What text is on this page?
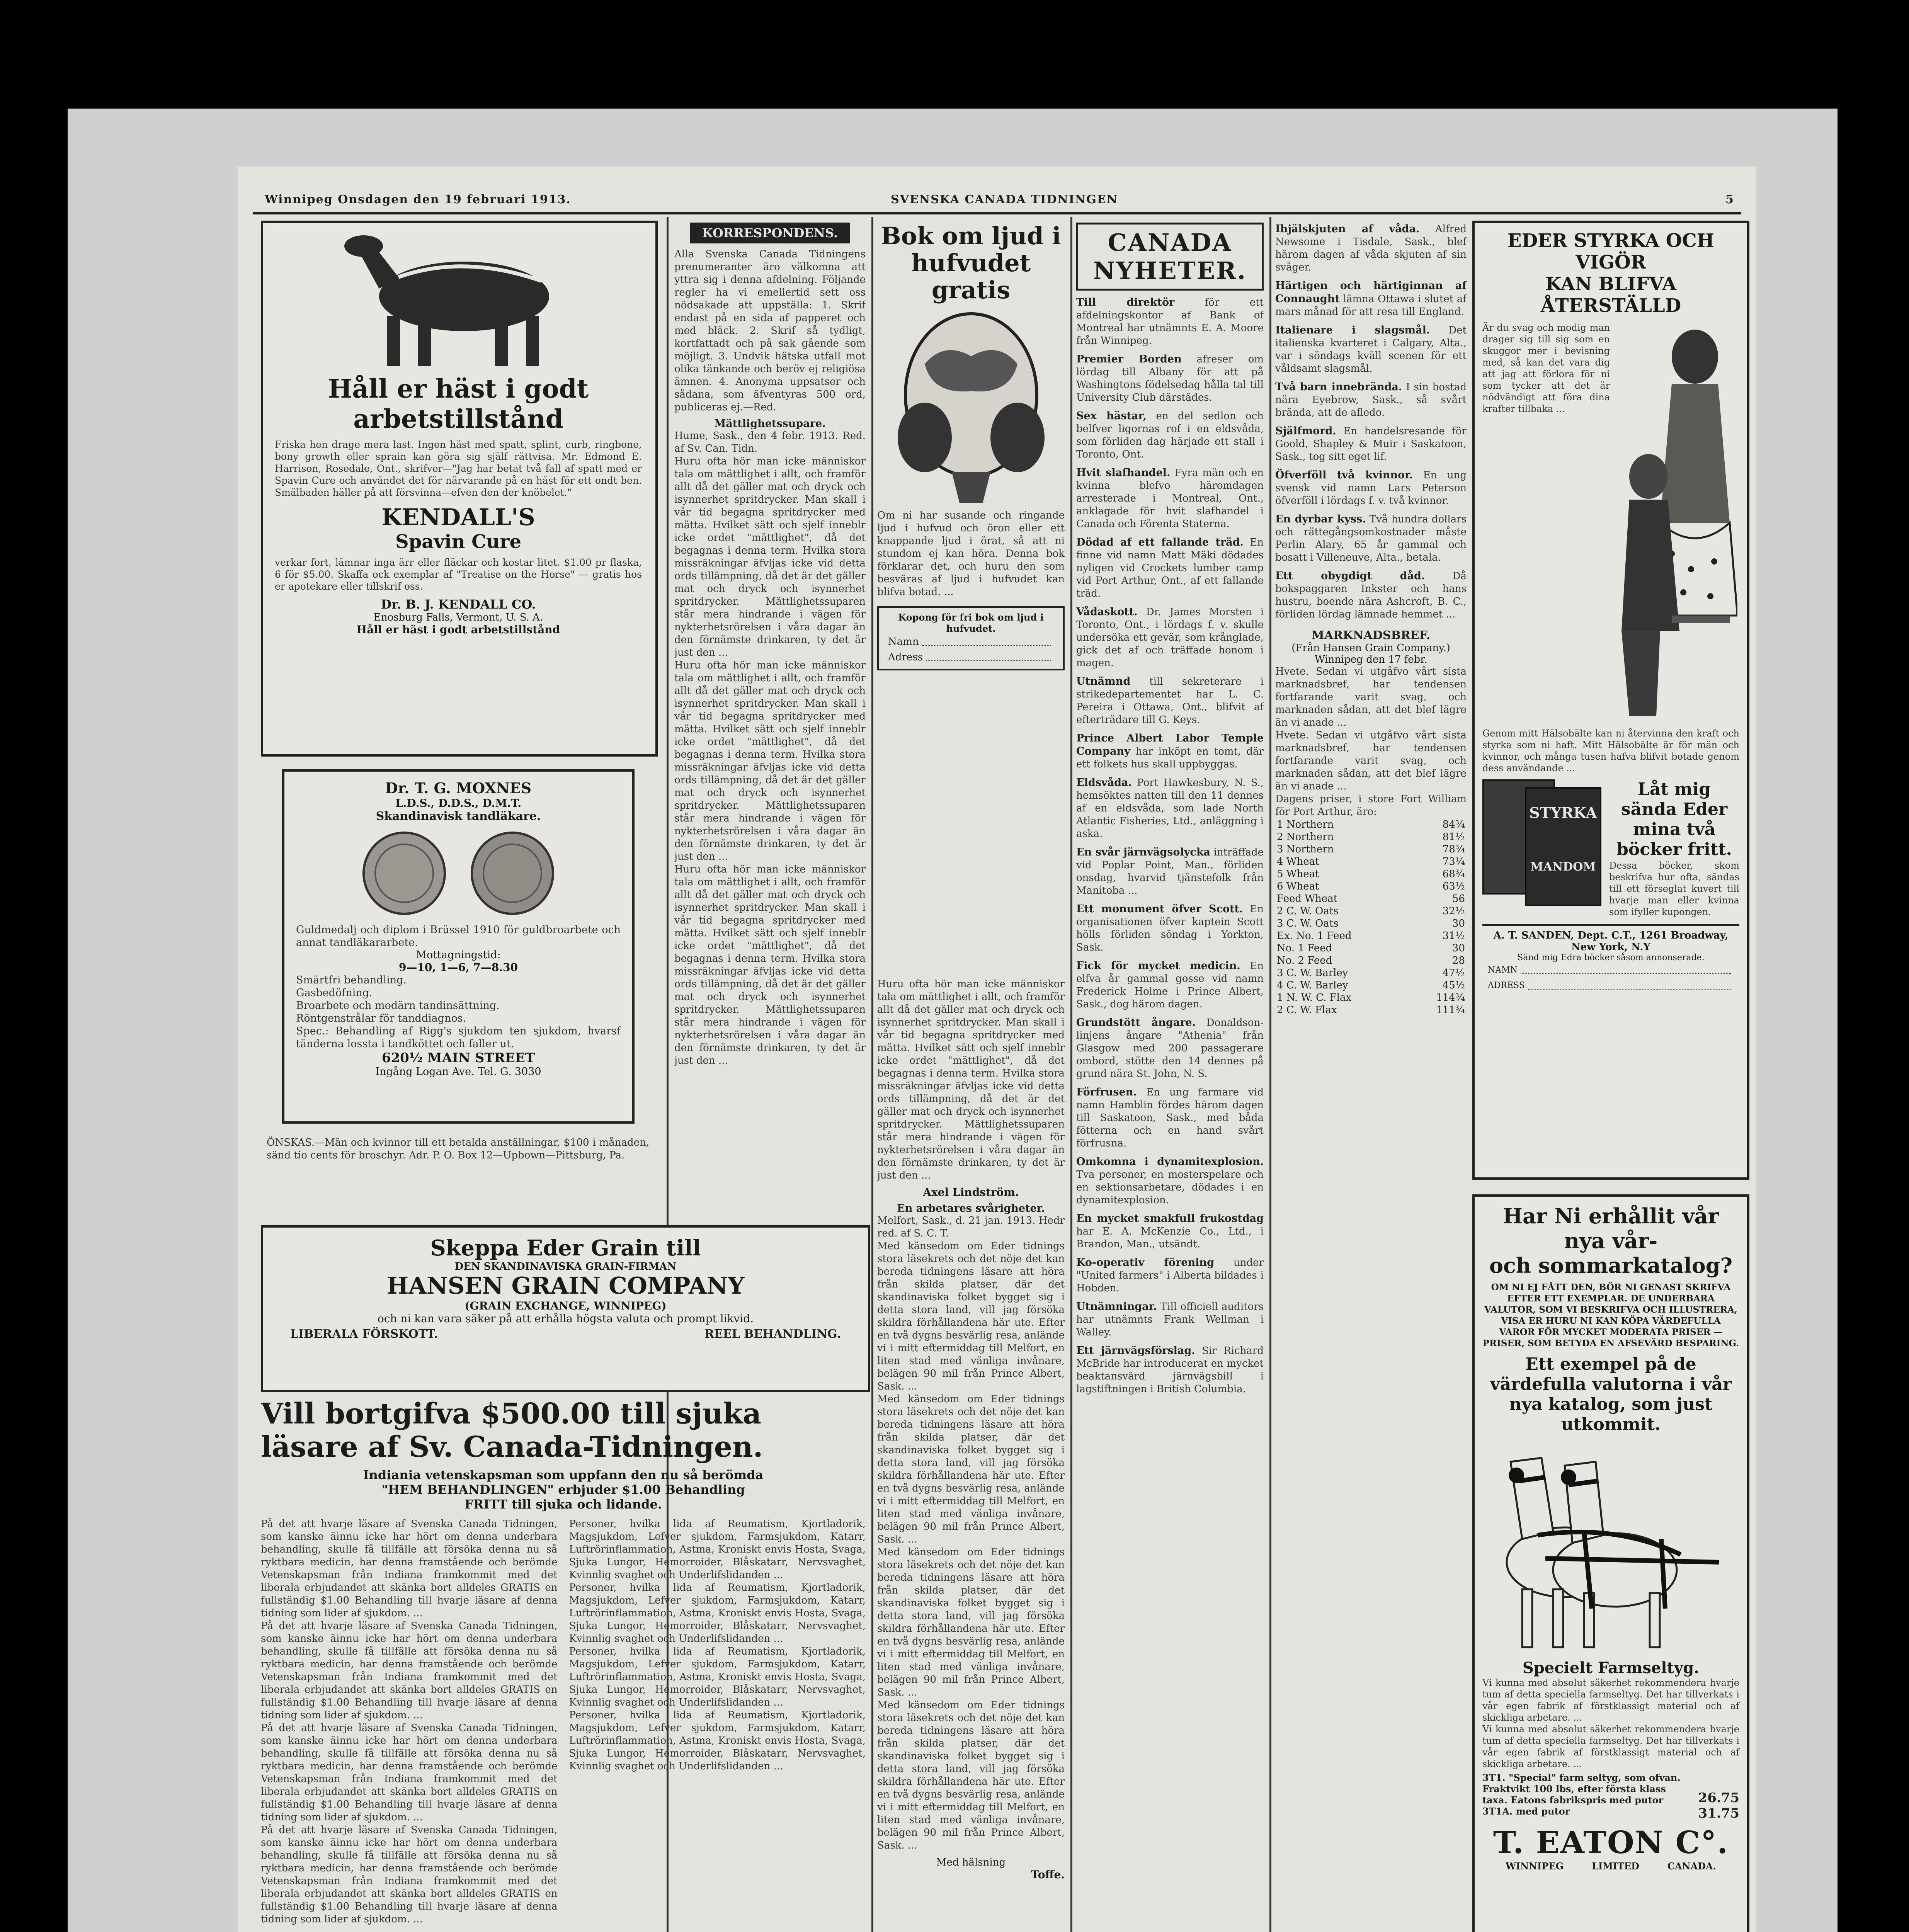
Winnipeg Onsdagen den 19 februari 1913.	SVENSKA CANADA TIDNINGEN	5
Håll er häst i godt arbetstillstånd
Friska hen drage mera last. Ingen häst med spatt, splint, curb, ringbone, bony growth eller sprain kan göra sig själf rättvisa. Mr. Edmond E. Harrison, Rosedale, Ont., skrifver—"Jag har betat två fall af spatt med er Spavin Cure och användet det för närvarande på en häst för ett ondt ben. Smälbaden häller på att försvinna—efven den der knöbelet."
KENDALL'S
Spavin Cure
verkar fort, lämnar inga ärr eller fläckar och kostar litet. $1.00 pr flaska, 6 för $5.00. Skaffa ock exemplar af "Treatise on the Horse" — gratis hos er apotekare eller tillskrif oss.
Dr. B. J. KENDALL CO.
Enosburg Falls, Vermont, U. S. A.
Håll er häst i godt arbetstillstånd
Dr. T. G. MOXNES
L.D.S., D.D.S., D.M.T.
Skandinavisk tandläkare.
Guldmedalj och diplom i Brüssel 1910 för guldbroarbete och annat tandläkararbete.
Mottagningstid:
9—10, 1—6, 7—8.30
Smärtfri behandling.
Gasbedöfning.
Broarbete och modärn tandinsättning.
Röntgenstrålar för tanddiagnos.
Spec.: Behandling af Rigg's sjukdom ten sjukdom, hvarsf tänderna lossta i tandköttet och faller ut.
620½ MAIN STREET
Ingång Logan Ave. Tel. G. 3030
ÖNSKAS.—Män och kvinnor till ett betalda anställningar, $100 i månaden, sänd tio cents för broschyr. Adr. P. O. Box 12—Upbown—Pittsburg, Pa.
Skeppa Eder Grain till
DEN SKANDINAVISKA GRAIN-FIRMAN
HANSEN GRAIN COMPANY
(GRAIN EXCHANGE, WINNIPEG)
och ni kan vara säker på att erhålla högsta valuta och prompt likvid.
LIBERALA FÖRSKOTT.	REEL BEHANDLING.
KORRESPONDENS.
Alla Svenska Canada Tidningens prenumeranter äro välkomna att yttra sig i denna afdelning. Följande regler ha vi emellertid sett oss nödsakade att uppställa: 1. Skrif endast på en sida af papperet och med bläck. 2. Skrif så tydligt, kortfattadt och på sak gående som möjligt. 3. Undvik hätska utfall mot olika tänkande och beröv ej religiösa ämnen. 4. Anonyma uppsatser och sådana, som äfventyras 500 ord, publiceras ej.—Red.
Mättlighetssupare.
Hume, Sask., den 4 febr. 1913. Red. af Sv. Can. Tidn.
Huru ofta hör man icke människor tala om mättlighet i allt, och framför allt då det gäller mat och dryck och isynnerhet spritdrycker. Man skall i vår tid begagna spritdrycker med mätta. Hvilket sätt och sjelf inneblr icke ordet "mättlighet", då det begagnas i denna term. Hvilka stora missräkningar äfvljas icke vid detta ords tillämpning, då det är det gäller mat och dryck och isynnerhet spritdrycker. Mättlighetssuparen står mera hindrande i vägen för nykterhetsrörelsen i våra dagar än den förnämste drinkaren, ty det är just den ...
Huru ofta hör man icke människor tala om mättlighet i allt, och framför allt då det gäller mat och dryck och isynnerhet spritdrycker. Man skall i vår tid begagna spritdrycker med mätta. Hvilket sätt och sjelf inneblr icke ordet "mättlighet", då det begagnas i denna term. Hvilka stora missräkningar äfvljas icke vid detta ords tillämpning, då det är det gäller mat och dryck och isynnerhet spritdrycker. Mättlighetssuparen står mera hindrande i vägen för nykterhetsrörelsen i våra dagar än den förnämste drinkaren, ty det är just den ...
Huru ofta hör man icke människor tala om mättlighet i allt, och framför allt då det gäller mat och dryck och isynnerhet spritdrycker. Man skall i vår tid begagna spritdrycker med mätta. Hvilket sätt och sjelf inneblr icke ordet "mättlighet", då det begagnas i denna term. Hvilka stora missräkningar äfvljas icke vid detta ords tillämpning, då det är det gäller mat och dryck och isynnerhet spritdrycker. Mättlighetssuparen står mera hindrande i vägen för nykterhetsrörelsen i våra dagar än den förnämste drinkaren, ty det är just den ...
Bok om ljud i hufvudet gratis
Om ni har susande och ringande ljud i hufvud och öron eller ett knappande ljud i örat, så att ni stundom ej kan höra. Denna bok förklarar det, och huru den som besväras af ljud i hufvudet kan blifva botad. ...
Kopong för fri bok om ljud i hufvudet.
Namn
Adress
Huru ofta hör man icke människor tala om mättlighet i allt, och framför allt då det gäller mat och dryck och isynnerhet spritdrycker. Man skall i vår tid begagna spritdrycker med mätta. Hvilket sätt och sjelf inneblr icke ordet "mättlighet", då det begagnas i denna term. Hvilka stora missräkningar äfvljas icke vid detta ords tillämpning, då det är det gäller mat och dryck och isynnerhet spritdrycker. Mättlighetssuparen står mera hindrande i vägen för nykterhetsrörelsen i våra dagar än den förnämste drinkaren, ty det är just den ...
Axel Lindström.
En arbetares svårigheter.
Melfort, Sask., d. 21 jan. 1913. Hedr red. af S. C. T.
Med känsedom om Eder tidnings stora läsekrets och det nöje det kan bereda tidningens läsare att höra från skilda platser, där det skandinaviska folket bygget sig i detta stora land, vill jag försöka skildra förhållandena här ute. Efter en två dygns besvärlig resa, anlände vi i mitt eftermiddag till Melfort, en liten stad med vänliga invånare, belägen 90 mil från Prince Albert, Sask. ...
Med känsedom om Eder tidnings stora läsekrets och det nöje det kan bereda tidningens läsare att höra från skilda platser, där det skandinaviska folket bygget sig i detta stora land, vill jag försöka skildra förhållandena här ute. Efter en två dygns besvärlig resa, anlände vi i mitt eftermiddag till Melfort, en liten stad med vänliga invånare, belägen 90 mil från Prince Albert, Sask. ...
Med känsedom om Eder tidnings stora läsekrets och det nöje det kan bereda tidningens läsare att höra från skilda platser, där det skandinaviska folket bygget sig i detta stora land, vill jag försöka skildra förhållandena här ute. Efter en två dygns besvärlig resa, anlände vi i mitt eftermiddag till Melfort, en liten stad med vänliga invånare, belägen 90 mil från Prince Albert, Sask. ...
Med känsedom om Eder tidnings stora läsekrets och det nöje det kan bereda tidningens läsare att höra från skilda platser, där det skandinaviska folket bygget sig i detta stora land, vill jag försöka skildra förhållandena här ute. Efter en två dygns besvärlig resa, anlände vi i mitt eftermiddag till Melfort, en liten stad med vänliga invånare, belägen 90 mil från Prince Albert, Sask. ...
Med hälsning
Toffe.
CANADA NYHETER.
Till direktör	för ett afdelningskontor af Bank of Montreal har utnämnts E. A. Moore från Winnipeg.
Premier Borden afreser om lördag till Albany för att på Washingtons födelsedag hålla tal till University Club därstädes.
Sex hästar, en del sedlon och belfver ligornas rof i en eldsvåda, som förliden dag härjade ett stall i Toronto, Ont.
Hvit slafhandel. Fyra män och en kvinna blefvo häromdagen arresterade i Montreal, Ont., anklagade för hvit slafhandel i Canada och Förenta Staterna.
Dödad af ett fallande träd. En finne vid namn Matt Mäki dödades nyligen vid Crockets lumber camp vid Port Arthur, Ont., af ett fallande träd.
Vådaskott. Dr. James Morsten i Toronto, Ont., i lördags f. v. skulle undersöka ett gevär, som krånglade, gick det af och träffade honom i magen.
Utnämnd till sekreterare i strikedepartementet har L. C. Pereira i Ottawa, Ont., blifvit af efterträdare till G. Keys.
Prince Albert Labor Temple Company har inköpt en tomt, där ett folkets hus skall uppbyggas.
Eldsvåda. Port Hawkesbury, N. S., hemsöktes natten till den 11 dennes af en eldsvåda, som lade North Atlantic Fisheries, Ltd., anläggning i aska.
En svår järnvägsolycka inträffade vid Poplar Point, Man., förliden onsdag, hvarvid tjänstefolk från Manitoba ...
Ett monument öfver Scott. En organisationen öfver kaptein Scott hölls förliden söndag i Yorkton, Sask.
Fick för mycket medicin. En elfva år gammal gosse vid namn Frederick Holme i Prince Albert, Sask., dog härom dagen.
Grundstött ångare. Donaldson-linjens ångare "Athenia" från Glasgow med 200 passagerare ombord, stötte den 14 dennes på grund nära St. John, N. S.
Förfrusen. En ung farmare vid namn Hamblin fördes härom dagen till Saskatoon, Sask., med båda fötterna och en hand svårt förfrusna.
Omkomna i dynamitexplosion. Tva personer, en mosterspelare och en sektionsarbetare, dödades i en dynamitexplosion.
En mycket smakfull frukostdag har E. A. McKenzie Co., Ltd., i Brandon, Man., utsändt.
Ko-operativ förening under "United farmers" i Alberta bildades i Hobden.
Utnämningar. Till officiell auditors har utnämnts Frank Wellman i Walley.
Ett järnvägsförslag. Sir Richard McBride har introducerat en mycket beaktansvärd järnvägsbill i lagstiftningen i British Columbia.
Ihjälskjuten af våda. Alfred Newsome i Tisdale, Sask., blef härom dagen af våda skjuten af sin svåger.
Härtigen och härtiginnan af Connaught lämna Ottawa i slutet af mars månad för att resa till England.
Italienare i slagsmål. Det italienska kvarteret i Calgary, Alta., var i söndags kväll scenen för ett våldsamt slagsmål.
Två barn innebrända. I sin bostad nära Eyebrow, Sask., så svårt brända, att de afledo.
Själfmord. En handelsresande för Goold, Shapley & Muir i Saskatoon, Sask., tog sitt eget lif.
Öfverföll två kvinnor. En ung svensk vid namn Lars Peterson öfverföll i lördags f. v. två kvinnor.
En dyrbar kyss. Två hundra dollars och rättegångsomkostnader måste Perlin Alary, 65 år gammal och bosatt i Villeneuve, Alta., betala.
Ett obygdigt dåd.	Då bokspaggaren Inkster och hans hustru, boende nära Ashcroft, B. C., förliden lördag lämnade hemmet ...
MARKNADSBREF.
(Från Hansen Grain Company.)
Winnipeg den 17 febr.
Hvete. Sedan vi utgåfvo vårt sista marknadsbref, har tendensen fortfarande varit svag, och marknaden sådan, att det blef lägre än vi anade ...
Hvete. Sedan vi utgåfvo vårt sista marknadsbref, har tendensen fortfarande varit svag, och marknaden sådan, att det blef lägre än vi anade ...
Dagens priser, i store Fort William för Port Arthur, äro:
1 Northern	84¾
2 Northern	81½
3 Northern	78¾
4 Wheat	73¼
5 Wheat	68¾
6 Wheat	63½
Feed Wheat	56
2 C. W. Oats	32½
3 C. W. Oats	30
Ex. No. 1 Feed	31½
No. 1 Feed	30
No. 2 Feed	28
3 C. W. Barley	47½
4 C. W. Barley	45½
1 N. W. C. Flax	114¾
2 C. W. Flax	111¾
EDER STYRKA OCH VIGÖR
KAN BLIFVA ÅTERSTÄLLD
Är du svag och modig man drager sig till sig som en skuggor mer i bevisning med, så kan det vara dig att jag att förlora för ni som tycker att det är nödvändigt att föra dina krafter tillbaka ...
Genom mitt Hälsobälte kan ni återvinna den kraft och styrka som ni haft. Mitt Hälsobälte är för män och kvinnor, och många tusen hafva blifvit botade genom dess användande ...
STYRKA
MANDOM
Låt mig sända Eder mina två böcker fritt.
Dessa böcker, skom beskrifva hur ofta, sändas till ett förseglat kuvert till hvarje man eller kvinna som ifyller kupongen.
A. T. SANDEN, Dept. C.T., 1261 Broadway, New York, N.Y
Sänd mig Edra böcker såsom annonserade.
NAMN
ADRESS
Har Ni erhållit vår nya vår-
och sommarkatalog?
OM NI EJ FÅTT DEN, BÖR NI GENAST SKRIFVA EFTER ETT EXEMPLAR. DE UNDERBARA VALUTOR, SOM VI BESKRIFVA OCH ILLUSTRERA, VISA ER HURU NI KAN KÖPA VÄRDEFULLA VAROR FÖR MYCKET MODERATA PRISER — PRISER, SOM BETYDA EN AFSEVÄRD BESPARING.
Ett exempel på de värdefulla valutorna i vår nya katalog, som just utkommit.
Specielt Farmseltyg.
Vi kunna med absolut säkerhet rekommendera hvarje tum af detta speciella farmseltyg. Det har tillverkats i vår egen fabrik af förstklassigt material och af skickliga arbetare. ...
Vi kunna med absolut säkerhet rekommendera hvarje tum af detta speciella farmseltyg. Det har tillverkats i vår egen fabrik af förstklassigt material och af skickliga arbetare. ...
3T1. "Special" farm seltyg, som ofvan. Fraktvikt 100 lbs, efter första klass taxa. Eatons fabrikspris med putor	26.75
3T1A. med putor	31.75
T. EATON C°.
WINNIPEG	LIMITED	CANADA.
Vill bortgifva $500.00 till sjuka
läsare af Sv. Canada-Tidningen.
Indiania vetenskapsman som uppfann den nu så berömda
"HEM BEHANDLINGEN" erbjuder $1.00 Behandling
FRITT till sjuka och lidande.
På det att hvarje läsare af Svenska Canada Tidningen, som kanske äinnu icke har hört om denna underbara behandling, skulle få tillfälle att försöka denna nu så ryktbara medicin, har denna framstående och berömde Vetenskapsman från Indiana framkommit med det liberala erbjudandet att skänka bort alldeles GRATIS en fullständig $1.00 Behandling till hvarje läsare af denna tidning som lider af sjukdom. ...
På det att hvarje läsare af Svenska Canada Tidningen, som kanske äinnu icke har hört om denna underbara behandling, skulle få tillfälle att försöka denna nu så ryktbara medicin, har denna framstående och berömde Vetenskapsman från Indiana framkommit med det liberala erbjudandet att skänka bort alldeles GRATIS en fullständig $1.00 Behandling till hvarje läsare af denna tidning som lider af sjukdom. ...
På det att hvarje läsare af Svenska Canada Tidningen, som kanske äinnu icke har hört om denna underbara behandling, skulle få tillfälle att försöka denna nu så ryktbara medicin, har denna framstående och berömde Vetenskapsman från Indiana framkommit med det liberala erbjudandet att skänka bort alldeles GRATIS en fullständig $1.00 Behandling till hvarje läsare af denna tidning som lider af sjukdom. ...
På det att hvarje läsare af Svenska Canada Tidningen, som kanske äinnu icke har hört om denna underbara behandling, skulle få tillfälle att försöka denna nu så ryktbara medicin, har denna framstående och berömde Vetenskapsman från Indiana framkommit med det liberala erbjudandet att skänka bort alldeles GRATIS en fullständig $1.00 Behandling till hvarje läsare af denna tidning som lider af sjukdom. ...
Personer, hvilka lida af Reumatism, Kjortladorik, Magsjukdom, Lefver sjukdom, Farmsjukdom, Katarr, Luftrörinflammation, Astma, Kroniskt envis Hosta, Svaga, Sjuka Lungor, Hemorroider, Blåskatarr, Nervsvaghet, Kvinnlig svaghet och Underlifslidanden ...
Personer, hvilka lida af Reumatism, Kjortladorik, Magsjukdom, Lefver sjukdom, Farmsjukdom, Katarr, Luftrörinflammation, Astma, Kroniskt envis Hosta, Svaga, Sjuka Lungor, Hemorroider, Blåskatarr, Nervsvaghet, Kvinnlig svaghet och Underlifslidanden ...
Personer, hvilka lida af Reumatism, Kjortladorik, Magsjukdom, Lefver sjukdom, Farmsjukdom, Katarr, Luftrörinflammation, Astma, Kroniskt envis Hosta, Svaga, Sjuka Lungor, Hemorroider, Blåskatarr, Nervsvaghet, Kvinnlig svaghet och Underlifslidanden ...
Personer, hvilka lida af Reumatism, Kjortladorik, Magsjukdom, Lefver sjukdom, Farmsjukdom, Katarr, Luftrörinflammation, Astma, Kroniskt envis Hosta, Svaga, Sjuka Lungor, Hemorroider, Blåskatarr, Nervsvaghet, Kvinnlig svaghet och Underlifslidanden ...
